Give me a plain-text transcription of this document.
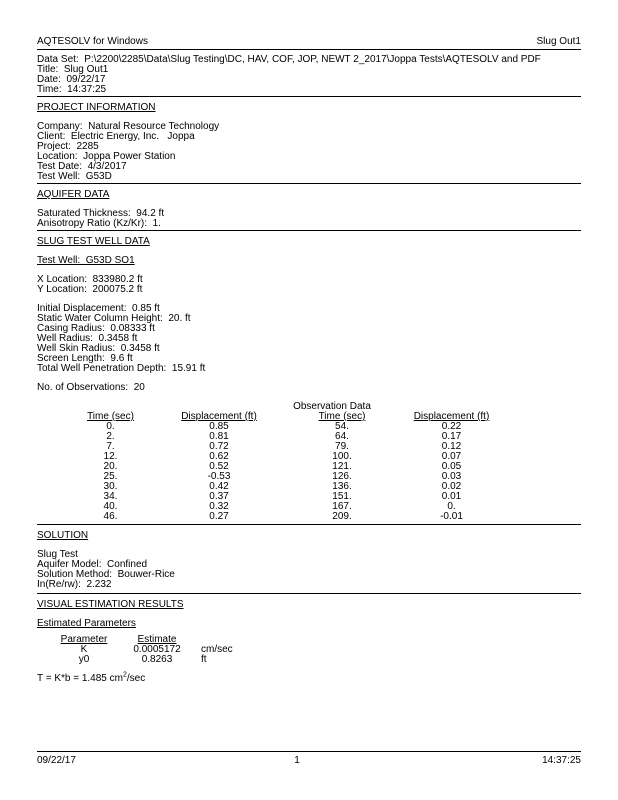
AQTESOLV for Windows	Slug Out1
Data Set:  P:\2200\2285\Data\Slug Testing\DC, HAV, COF, JOP, NEWT 2_2017\Joppa Tests\AQTESOLV and PDF
Title:  Slug Out1
Date:  09/22/17
Time:  14:37:25
PROJECT INFORMATION
Company:  Natural Resource Technology
Client:  Electric Energy, Inc.   Joppa
Project:  2285
Location:  Joppa Power Station
Test Date:  4/3/2017
Test Well:  G53D
AQUIFER DATA
Saturated Thickness:  94.2 ft
Anisotropy Ratio (Kz/Kr):  1.
SLUG TEST WELL DATA
Test Well:  G53D SO1
X Location:  833980.2 ft
Y Location:  200075.2 ft
Initial Displacement:  0.85 ft
Static Water Column Height:  20. ft
Casing Radius:  0.08333 ft
Well Radius:  0.3458 ft
Well Skin Radius:  0.3458 ft
Screen Length:  9.6 ft
Total Well Penetration Depth:  15.91 ft
No. of Observations:  20
Observation Data
Time (sec)	Displacement (ft)	Time (sec)	Displacement (ft)
0.	0.85	54.	0.22
2.	0.81	64.	0.17
7.	0.72	79.	0.12
12.	0.62	100.	0.07
20.	0.52	121.	0.05
25.	-0.53	126.	0.03
30.	0.42	136.	0.02
34.	0.37	151.	0.01
40.	0.32	167.	0.
46.	0.27	209.	-0.01
SOLUTION
Slug Test
Aquifer Model:  Confined
Solution Method:  Bouwer-Rice
In(Re/rw):  2.232
VISUAL ESTIMATION RESULTS
Estimated Parameters
Parameter	Estimate	
K	0.0005172	cm/sec
y0	0.8263	ft
T = K*b = 1.485 $cm^2/\sec$
09/22/17	1	14:37:25
